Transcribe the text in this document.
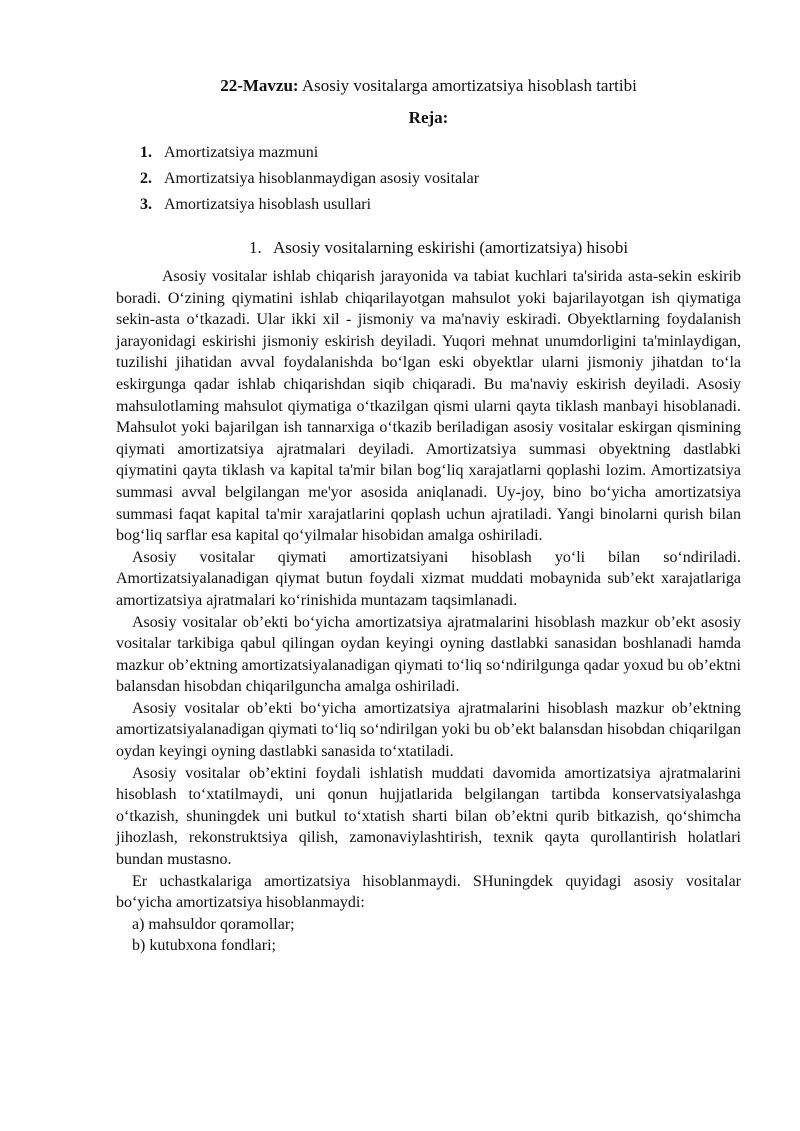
22-Mavzu: Asosiy vositalarga amortizatsiya hisoblash tartibi

Reja:

1. Amortizatsiya mazmuni
2. Amortizatsiya hisoblanmaydigan asosiy vositalar
3. Amortizatsiya hisoblash usullari

1. Asosiy vositalarning eskirishi (amortizatsiya) hisobi

Asosiy vositalar ishlab chiqarish jarayonida va tabiat kuchlari ta'sirida asta-sekin eskirib boradi. O‘zining qiymatini ishlab chiqarilayotgan mahsulot yoki bajarilayotgan ish qiymatiga sekin-asta o‘tkazadi. Ular ikki xil - jismoniy va ma'naviy eskiradi. Obyektlarning foydalanish jarayonidagi eskirishi jismoniy eskirish deyiladi. Yuqori mehnat unumdorligini ta'minlaydigan, tuzilishi jihatidan avval foydalanishda bo‘lgan eski obyektlar ularni jismoniy jihatdan to‘la eskirgunga qadar ishlab chiqarishdan siqib chiqaradi. Bu ma'naviy eskirish deyiladi. Asosiy mahsulotlaming mahsulot qiymatiga o‘tkazilgan qismi ularni qayta tiklash manbayi hisoblanadi. Mahsulot yoki bajarilgan ish tannarxiga o‘tkazib beriladigan asosiy vositalar eskirgan qismining qiymati amortizatsiya ajratmalari deyiladi. Amortizatsiya summasi obyektning dastlabki qiymatini qayta tiklash va kapital ta'mir bilan bog‘liq xarajatlarni qoplashi lozim. Amortizatsiya summasi avval belgilangan me'yor asosida aniqlanadi. Uy-joy, bino bo‘yicha amortizatsiya summasi faqat kapital ta'mir xarajatlarini qoplash uchun ajratiladi. Yangi binolarni qurish bilan bog‘liq sarflar esa kapital qo‘yilmalar hisobidan amalga oshiriladi.

Asosiy vositalar qiymati amortizatsiyani hisoblash yo‘li bilan so‘ndiriladi. Amortizatsiyalanadigan qiymat butun foydali xizmat muddati mobaynida sub’ekt xarajatlariga amortizatsiya ajratmalari ko‘rinishida muntazam taqsimlanadi.

Asosiy vositalar ob’ekti bo‘yicha amortizatsiya ajratmalarini hisoblash mazkur ob’ekt asosiy vositalar tarkibiga qabul qilingan oydan keyingi oyning dastlabki sanasidan boshlanadi hamda mazkur ob’ektning amortizatsiyalanadigan qiymati to‘liq so‘ndirilgunga qadar yoxud bu ob’ektni balansdan hisobdan chiqarilguncha amalga oshiriladi.

Asosiy vositalar ob’ekti bo‘yicha amortizatsiya ajratmalarini hisoblash mazkur ob’ektning amortizatsiyalanadigan qiymati to‘liq so‘ndirilgan yoki bu ob’ekt balansdan hisobdan chiqarilgan oydan keyingi oyning dastlabki sanasida to‘xtatiladi.

Asosiy vositalar ob’ektini foydali ishlatish muddati davomida amortizatsiya ajratmalarini hisoblash to‘xtatilmaydi, uni qonun hujjatlarida belgilangan tartibda konservatsiyalashga o‘tkazish, shuningdek uni butkul to‘xtatish sharti bilan ob’ektni qurib bitkazish, qo‘shimcha jihozlash, rekonstruktsiya qilish, zamonaviylashtirish, texnik qayta qurollantirish holatlari bundan mustasno.

Er uchastkalariga amortizatsiya hisoblanmaydi. SHuningdek quyidagi asosiy vositalar bo‘yicha amortizatsiya hisoblanmaydi:

a) mahsuldor qoramollar;

b) kutubxona fondlari;
